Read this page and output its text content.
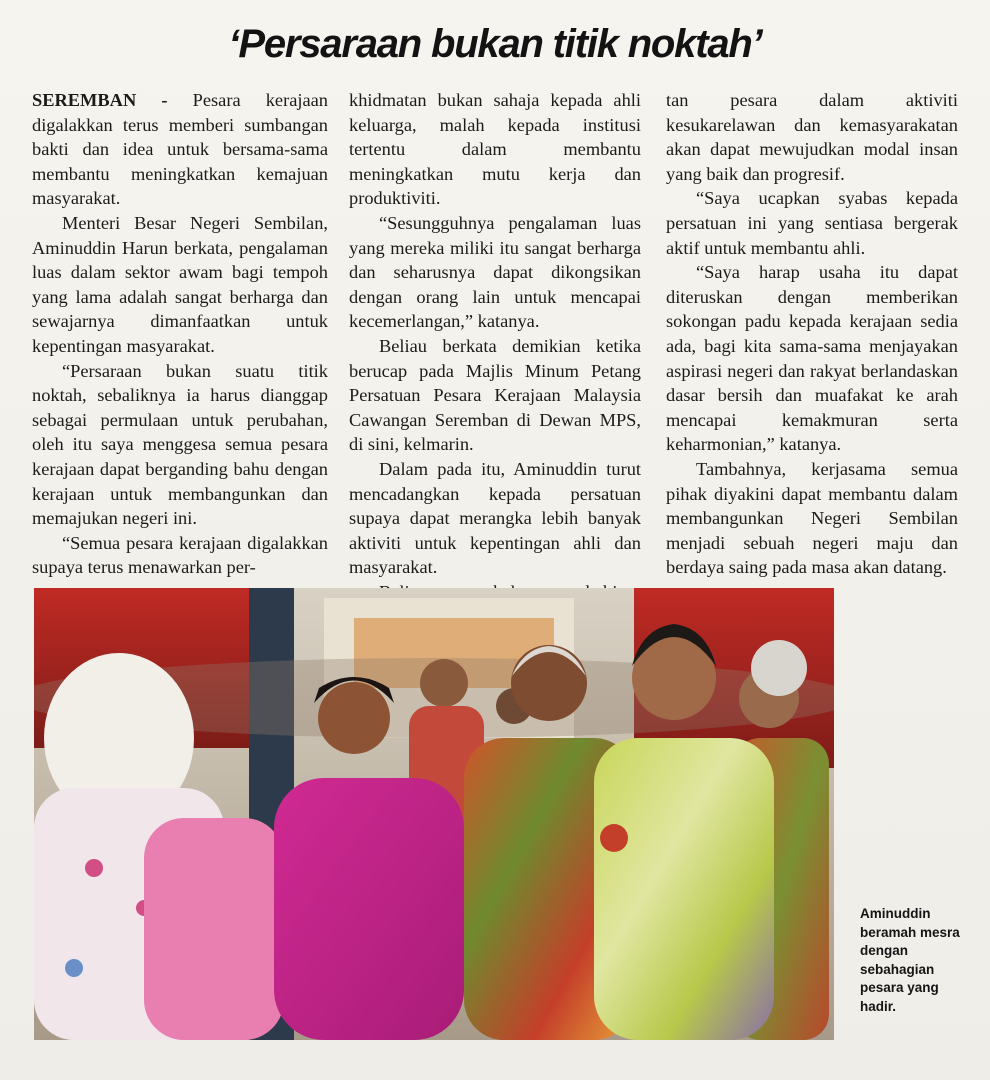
‘Persaraan bukan titik noktah’

SEREMBAN - Pesara kerajaan digalakkan terus memberi sumbangan bakti dan idea untuk bersama-sama membantu meningkatkan kemajuan masyarakat.

Menteri Besar Negeri Sembilan, Aminuddin Harun berkata, pengalaman luas dalam sektor awam bagi tempoh yang lama adalah sangat berharga dan sewajarnya dimanfaatkan untuk kepentingan masyarakat.

“Persaraan bukan suatu titik noktah, sebaliknya ia harus dianggap sebagai permulaan untuk perubahan, oleh itu saya menggesa semua pesara kerajaan dapat berganding bahu dengan kerajaan untuk membangunkan dan memajukan negeri ini.

“Semua pesara kerajaan digalakkan supaya terus menawarkan per-

khidmatan bukan sahaja kepada ahli keluarga, malah kepada institusi tertentu dalam membantu meningkatkan mutu kerja dan produktiviti.

“Sesungguhnya pengalaman luas yang mereka miliki itu sangat berharga dan seharusnya dapat dikongsikan dengan orang lain untuk mencapai kecemerlangan,” katanya.

Beliau berkata demikian ketika berucap pada Majlis Minum Petang Persatuan Pesara Kerajaan Malaysia Cawangan Seremban di Dewan MPS, di sini, kelmarin.

Dalam pada itu, Aminuddin turut mencadangkan kepada persatuan supaya dapat merangka lebih banyak aktiviti untuk kepentingan ahli dan masyarakat.

tan pesara dalam aktiviti kesukarelawan dan kemasyarakatan akan dapat mewujudkan modal insan yang baik dan progresif.

“Saya ucapkan syabas kepada persatuan ini yang sentiasa bergerak aktif untuk membantu ahli.

“Saya harap usaha itu dapat diteruskan dengan memberikan sokongan padu kepada kerajaan sedia ada, bagi kita sama-sama menjayakan aspirasi negeri dan rakyat berlandaskan dasar bersih dan muafakat ke arah mencapai kemakmuran serta keharmonian,” katanya.

Tambahnya, kerjasama semua pihak diyakini dapat membantu dalam membangunkan Negeri Sembilan menjadi sebuah negeri maju dan berdaya saing pada masa akan datang.

Aminuddin beramah mesra dengan sebahagian pesara yang hadir.
